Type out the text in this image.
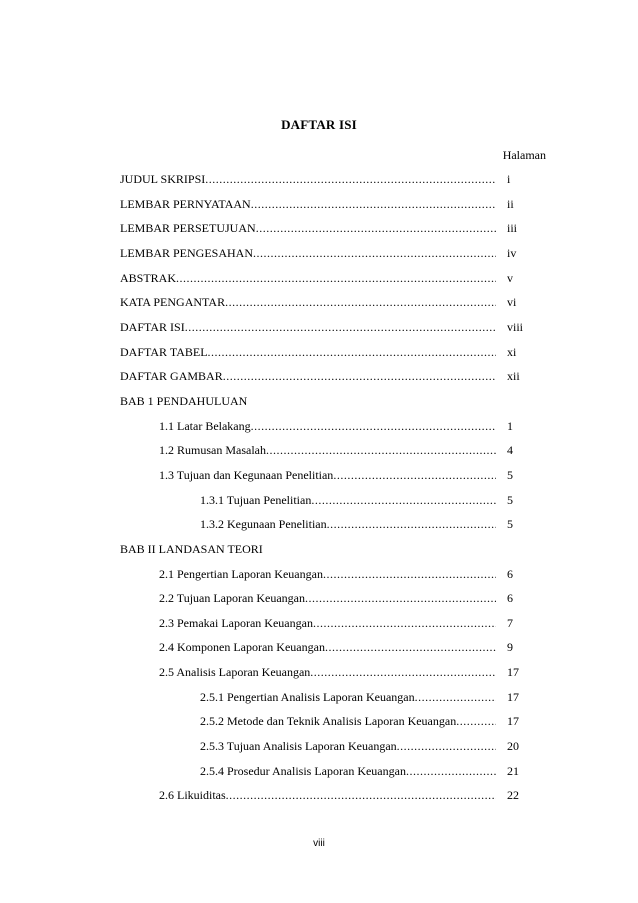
DAFTAR ISI
Halaman
JUDUL SKRIPSI .....	i
LEMBAR PERNYATAAN .....	ii
LEMBAR PERSETUJUAN .....	iii
LEMBAR PENGESAHAN .....	iv
ABSTRAK .....	v
KATA PENGANTAR .....	vi
DAFTAR ISI .....	viii
DAFTAR TABEL .....	xi
DAFTAR GAMBAR .....	xii
BAB 1 PENDAHULUAN
1.1 Latar Belakang .....	1
1.2 Rumusan Masalah .....	4
1.3 Tujuan dan Kegunaan Penelitian .....	5
1.3.1 Tujuan Penelitian .....	5
1.3.2 Kegunaan Penelitian .....	5
BAB II LANDASAN TEORI
2.1 Pengertian Laporan Keuangan .....	6
2.2 Tujuan Laporan Keuangan .....	6
2.3 Pemakai Laporan Keuangan .....	7
2.4 Komponen Laporan Keuangan .....	9
2.5 Analisis Laporan Keuangan .....	17
2.5.1 Pengertian Analisis Laporan Keuangan .....	17
2.5.2 Metode dan Teknik Analisis Laporan Keuangan .....	17
2.5.3 Tujuan Analisis Laporan Keuangan .....	20
2.5.4 Prosedur Analisis Laporan Keuangan .....	21
2.6 Likuiditas .....	22
viii
